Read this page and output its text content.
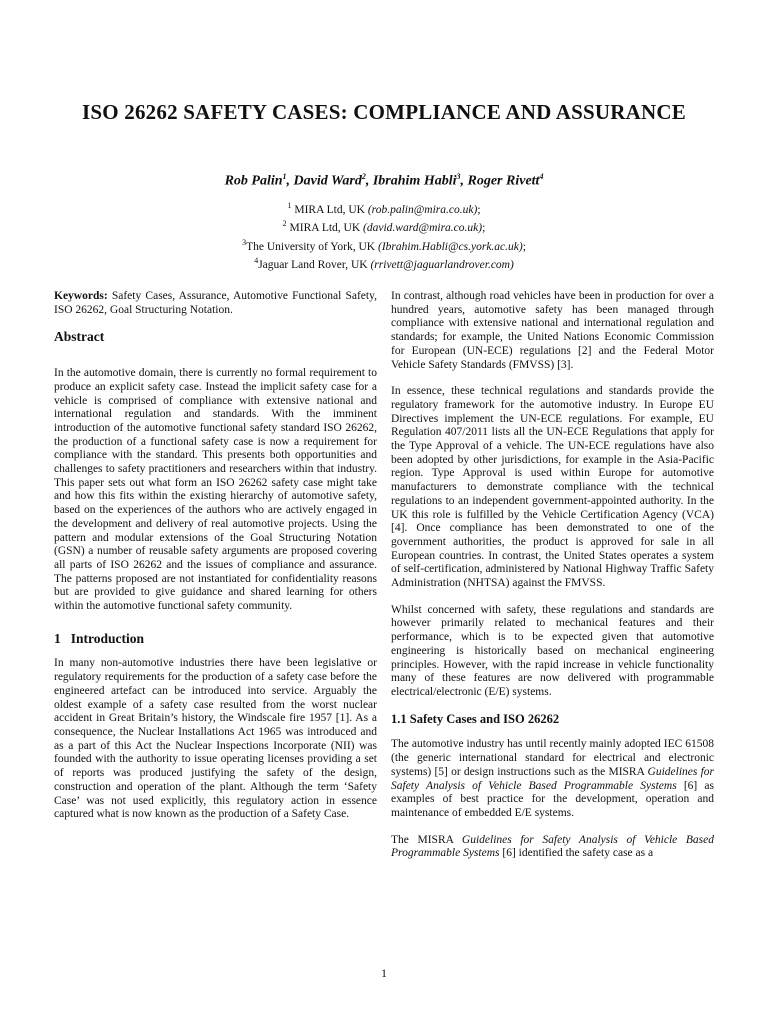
ISO 26262 SAFETY CASES: COMPLIANCE AND ASSURANCE
Rob Palin$^1$, David Ward$^2$, Ibrahim Habli$^3$, Roger Rivett$^4$
$^1$ MIRA Ltd, UK (rob.palin@mira.co.uk);
$^2$ MIRA Ltd, UK (david.ward@mira.co.uk);
$^3$The University of York, UK (Ibrahim.Habli@cs.york.ac.uk);
$^4$Jaguar Land Rover, UK (rrivett@jaguarlandrover.com)

Keywords: Safety Cases, Assurance, Automotive Functional Safety, ISO 26262, Goal Structuring Notation.

Abstract

In the automotive domain, there is currently no formal requirement to produce an explicit safety case. Instead the implicit safety case for a vehicle is comprised of compliance with extensive national and international regulation and standards. With the imminent introduction of the automotive functional safety standard ISO 26262, the production of a functional safety case is now a requirement for compliance with the standard. This presents both opportunities and challenges to safety practitioners and researchers within that industry. This paper sets out what form an ISO 26262 safety case might take and how this fits within the existing hierarchy of automotive safety, based on the experiences of the authors who are actively engaged in the development and delivery of real automotive projects. Using the pattern and modular extensions of the Goal Structuring Notation (GSN) a number of reusable safety arguments are proposed covering all parts of ISO 26262 and the issues of compliance and assurance. The patterns proposed are not instantiated for confidentiality reasons but are provided to give guidance and shared learning for others within the automotive functional safety community.

1 Introduction

In many non-automotive industries there have been legislative or regulatory requirements for the production of a safety case before the engineered artefact can be introduced into service. Arguably the oldest example of a safety case resulted from the worst nuclear accident in Great Britain’s history, the Windscale fire 1957 [1]. As a consequence, the Nuclear Installations Act 1965 was introduced and as a part of this Act the Nuclear Inspections Incorporate (NII) was founded with the authority to issue operating licenses providing a set of reports was produced justifying the safety of the design, construction and operation of the plant. Although the term ‘Safety Case’ was not used explicitly, this regulatory action in essence captured what is now known as the production of a Safety Case.

In contrast, although road vehicles have been in production for over a hundred years, automotive safety has been managed through compliance with extensive national and international regulation and standards; for example, the United Nations Economic Commission for European (UN-ECE) regulations [2] and the Federal Motor Vehicle Safety Standards (FMVSS) [3].

In essence, these technical regulations and standards provide the regulatory framework for the automotive industry. In Europe EU Directives implement the UN-ECE regulations. For example, EU Regulation 407/2011 lists all the UN-ECE Regulations that apply for the Type Approval of a vehicle. The UN-ECE regulations have also been adopted by other jurisdictions, for example in the Asia-Pacific region. Type Approval is used within Europe for automotive manufacturers to demonstrate compliance with the technical regulations to an independent government-appointed authority. In the UK this role is fulfilled by the Vehicle Certification Agency (VCA) [4]. Once compliance has been demonstrated to one of the government authorities, the product is approved for sale in all European countries. In contrast, the United States operates a system of self-certification, administered by National Highway Traffic Safety Administration (NHTSA) against the FMVSS.

Whilst concerned with safety, these regulations and standards are however primarily related to mechanical features and their performance, which is to be expected given that automotive engineering is historically based on mechanical engineering principles. However, with the rapid increase in vehicle functionality many of these features are now delivered with programmable electrical/electronic (E/E) systems.

1.1 Safety Cases and ISO 26262

The automotive industry has until recently mainly adopted IEC 61508 (the generic international standard for electrical and electronic systems) [5] or design instructions such as the MISRA Guidelines for Safety Analysis of Vehicle Based Programmable Systems [6] as examples of best practice for the development, operation and maintenance of embedded E/E systems.

The MISRA Guidelines for Safety Analysis of Vehicle Based Programmable Systems [6] identified the safety case as a

1
